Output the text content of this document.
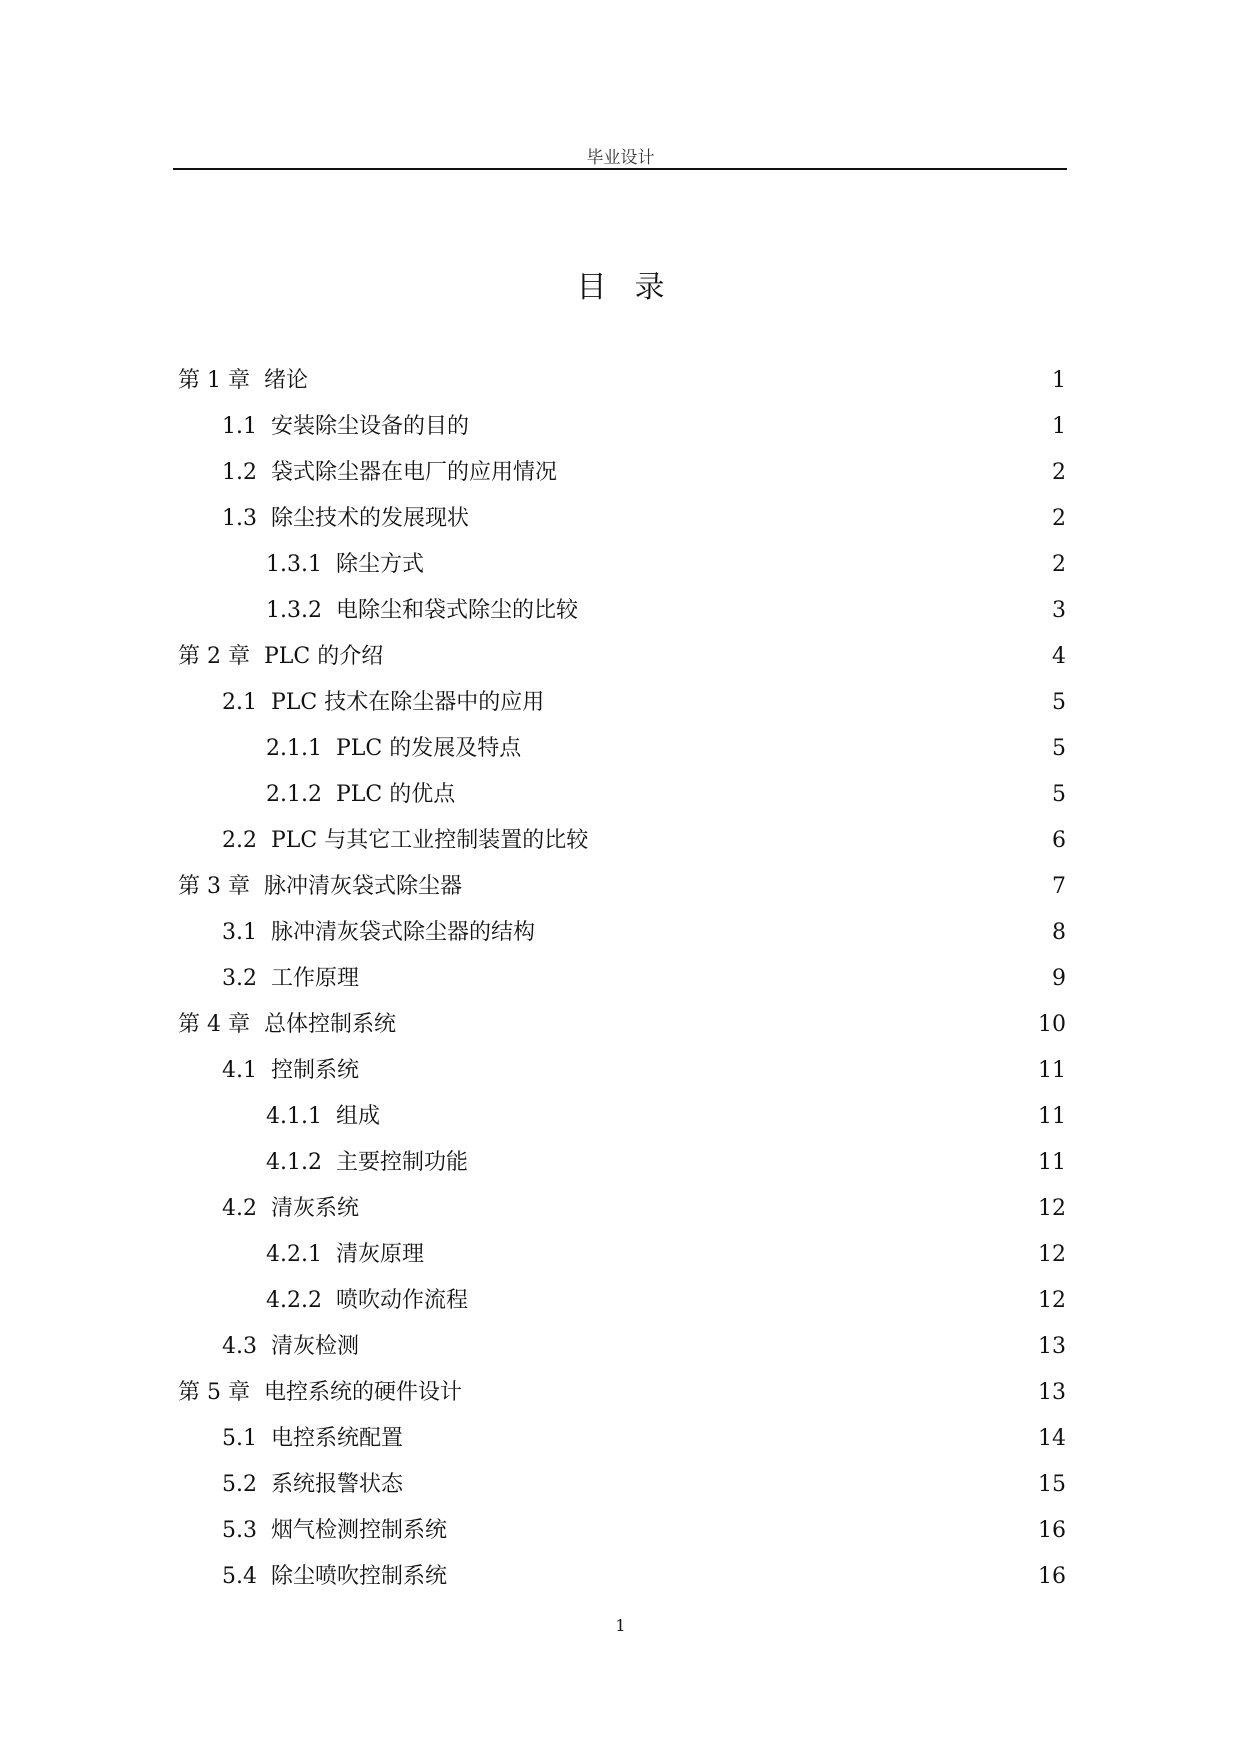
毕业设计
目录
第 1 章 绪论	1
1.1 安装除尘设备的目的	1
1.2 袋式除尘器在电厂的应用情况	2
1.3 除尘技术的发展现状	2
1.3.1 除尘方式	2
1.3.2 电除尘和袋式除尘的比较	3
第 2 章 PLC 的介绍	4
2.1 PLC 技术在除尘器中的应用	5
2.1.1 PLC 的发展及特点	5
2.1.2 PLC 的优点	5
2.2 PLC 与其它工业控制装置的比较	6
第 3 章 脉冲清灰袋式除尘器	7
3.1 脉冲清灰袋式除尘器的结构	8
3.2 工作原理	9
第 4 章 总体控制系统	10
4.1 控制系统	11
4.1.1 组成	11
4.1.2 主要控制功能	11
4.2 清灰系统	12
4.2.1 清灰原理	12
4.2.2 喷吹动作流程	12
4.3 清灰检测	13
第 5 章 电控系统的硬件设计	13
5.1 电控系统配置	14
5.2 系统报警状态	15
5.3 烟气检测控制系统	16
5.4 除尘喷吹控制系统	16
1
